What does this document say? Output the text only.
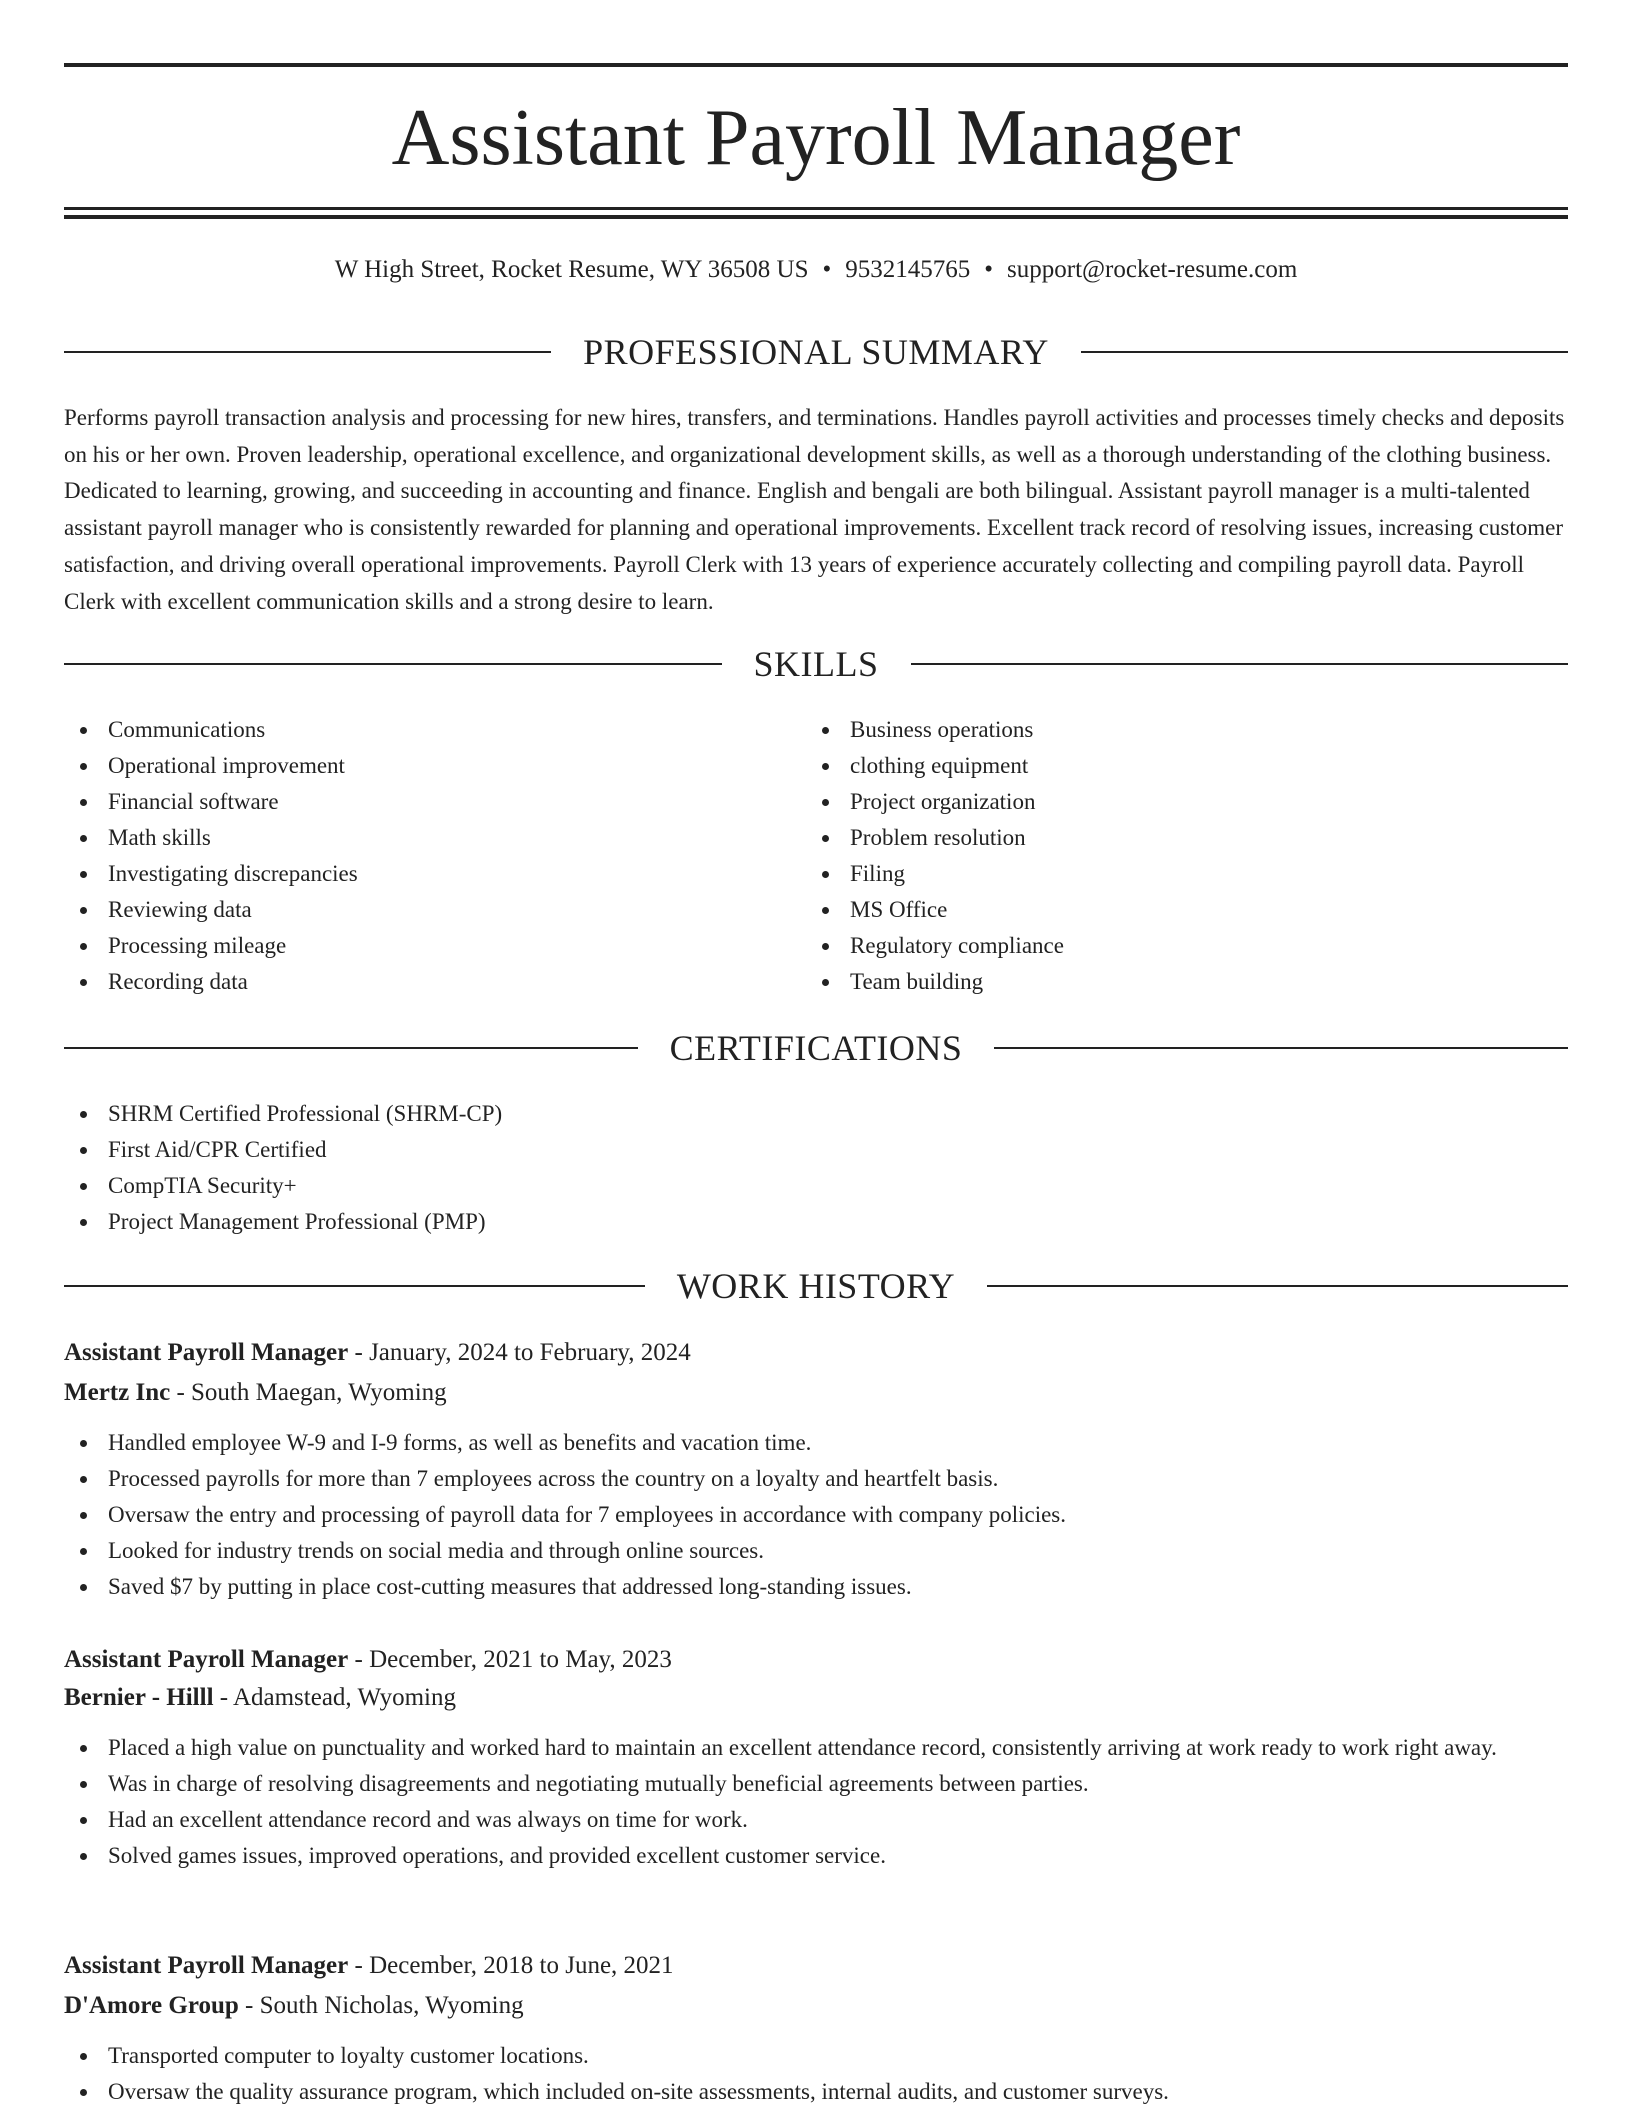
Assistant Payroll Manager
W High Street, Rocket Resume, WY 36508 US • 9532145765 • support@rocket-resume.com
PROFESSIONAL SUMMARY

Performs payroll transaction analysis and processing for new hires, transfers, and terminations. Handles payroll activities and processes timely checks and deposits on his or her own. Proven leadership, operational excellence, and organizational development skills, as well as a thorough understanding of the clothing business. Dedicated to learning, growing, and succeeding in accounting and finance. English and bengali are both bilingual. Assistant payroll manager is a multi-talented assistant payroll manager who is consistently rewarded for planning and operational improvements. Excellent track record of resolving issues, increasing customer satisfaction, and driving overall operational improvements. Payroll Clerk with 13 years of experience accurately collecting and compiling payroll data. Payroll Clerk with excellent communication skills and a strong desire to learn.

SKILLS
Communications
Operational improvement
Financial software
Math skills
Investigating discrepancies
Reviewing data
Processing mileage
Recording data
Business operations
clothing equipment
Project organization
Problem resolution
Filing
MS Office
Regulatory compliance
Team building
CERTIFICATIONS
SHRM Certified Professional (SHRM-CP)
First Aid/CPR Certified
CompTIA Security+
Project Management Professional (PMP)
WORK HISTORY
Assistant Payroll Manager - January, 2024 to February, 2024
Mertz Inc - South Maegan, Wyoming
Handled employee W-9 and I-9 forms, as well as benefits and vacation time.
Processed payrolls for more than 7 employees across the country on a loyalty and heartfelt basis.
Oversaw the entry and processing of payroll data for 7 employees in accordance with company policies.
Looked for industry trends on social media and through online sources.
Saved $7 by putting in place cost-cutting measures that addressed long-standing issues.
Assistant Payroll Manager - December, 2021 to May, 2023
Bernier - Hilll - Adamstead, Wyoming
Placed a high value on punctuality and worked hard to maintain an excellent attendance record, consistently arriving at work ready to work right away.
Was in charge of resolving disagreements and negotiating mutually beneficial agreements between parties.
Had an excellent attendance record and was always on time for work.
Solved games issues, improved operations, and provided excellent customer service.
Assistant Payroll Manager - December, 2018 to June, 2021
D'Amore Group - South Nicholas, Wyoming
Transported computer to loyalty customer locations.
Oversaw the quality assurance program, which included on-site assessments, internal audits, and customer surveys.
